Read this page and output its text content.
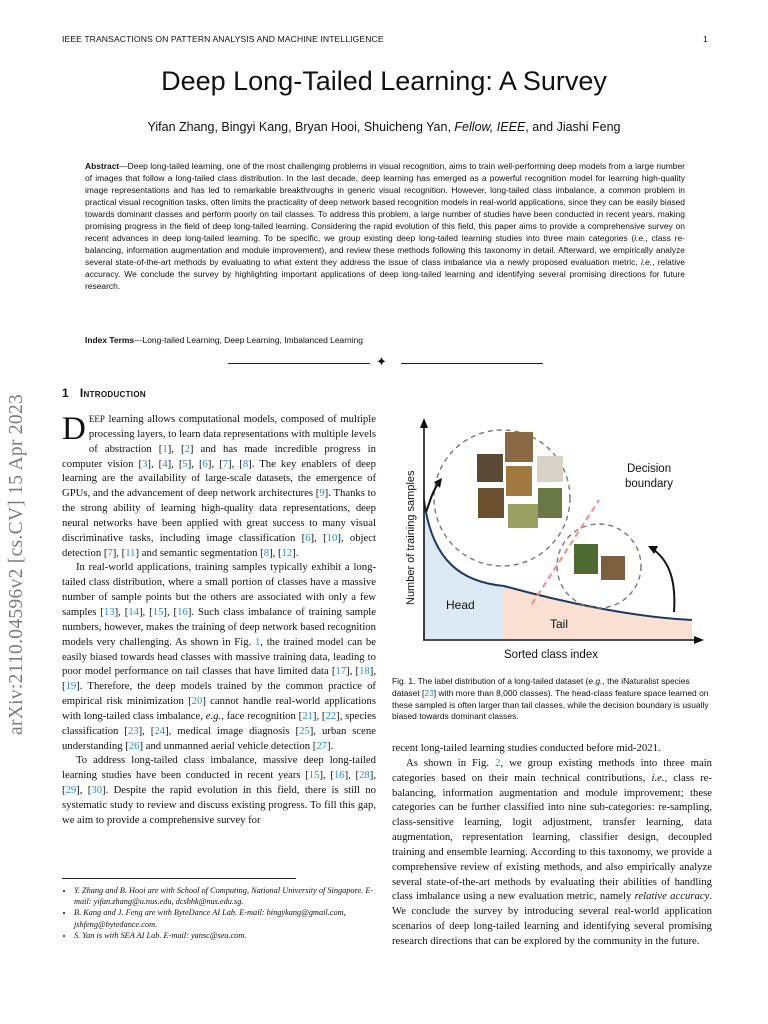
IEEE TRANSACTIONS ON PATTERN ANALYSIS AND MACHINE INTELLIGENCE	1
Deep Long-Tailed Learning: A Survey
Yifan Zhang, Bingyi Kang, Bryan Hooi, Shuicheng Yan, Fellow, IEEE, and Jiashi Feng
Abstract—Deep long-tailed learning, one of the most challenging problems in visual recognition, aims to train well-performing deep models from a large number of images that follow a long-tailed class distribution. In the last decade, deep learning has emerged as a powerful recognition model for learning high-quality image representations and has led to remarkable breakthroughs in generic visual recognition. However, long-tailed class imbalance, a common problem in practical visual recognition tasks, often limits the practicality of deep network based recognition models in real-world applications, since they can be easily biased towards dominant classes and perform poorly on tail classes. To address this problem, a large number of studies have been conducted in recent years, making promising progress in the field of deep long-tailed learning. Considering the rapid evolution of this field, this paper aims to provide a comprehensive survey on recent advances in deep long-tailed learning. To be specific, we group existing deep long-tailed learning studies into three main categories (i.e., class re-balancing, information augmentation and module improvement), and review these methods following this taxonomy in detail. Afterward, we empirically analyze several state-of-the-art methods by evaluating to what extent they address the issue of class imbalance via a newly proposed evaluation metric, i.e., relative accuracy. We conclude the survey by highlighting important applications of deep long-tailed learning and identifying several promising directions for future research.
Index Terms—Long-tailed Learning, Deep Learning, Imbalanced Learning
✦
1 Introduction

DEEP learning allows computational models, composed of multiple processing layers, to learn data representations with multiple levels of abstraction [1], [2] and has made incredible progress in computer vision [3], [4], [5], [6], [7], [8]. The key enablers of deep learning are the availability of large-scale datasets, the emergence of GPUs, and the advancement of deep network architectures [9]. Thanks to the strong ability of learning high-quality data representations, deep neural networks have been applied with great success to many visual discriminative tasks, including image classification [6], [10], object detection [7], [11] and semantic segmentation [8], [12].

In real-world applications, training samples typically exhibit a long-tailed class distribution, where a small portion of classes have a massive number of sample points but the others are associated with only a few samples [13], [14], [15], [16]. Such class imbalance of training sample numbers, however, makes the training of deep network based recognition models very challenging. As shown in Fig. 1, the trained model can be easily biased towards head classes with massive training data, leading to poor model performance on tail classes that have limited data [17], [18], [19]. Therefore, the deep models trained by the common practice of empirical risk minimization [20] cannot handle real-world applications with long-tailed class imbalance, e.g., face recognition [21], [22], species classification [23], [24], medical image diagnosis [25], urban scene understanding [26] and unmanned aerial vehicle detection [27].

To address long-tailed class imbalance, massive deep long-tailed learning studies have been conducted in recent years [15], [16], [28], [29], [30]. Despite the rapid evolution in this field, there is still no systematic study to review and discuss existing progress. To fill this gap, we aim to provide a comprehensive survey for

• Y. Zhang and B. Hooi are with School of Computing, National University of Singapore. E-mail: yifan.zhang@u.nus.edu, dcsbhk@nus.edu.sg.
• B. Kang and J. Feng are with ByteDance AI Lab. E-mail: bingykang@gmail.com, jshfeng@bytedance.com.
• S. Yan is with SEA AI Lab. E-mail: yansc@sea.com.
Number of training samples
Sorted class index
Head
Tail
Decision
boundary
Fig. 1. The label distribution of a long-tailed dataset (e.g., the iNaturalist species dataset [23] with more than 8,000 classes). The head-class feature space learned on these sampled is often larger than tail classes, while the decision boundary is usually biased towards dominant classes.

recent long-tailed learning studies conducted before mid-2021.

As shown in Fig. 2, we group existing methods into three main categories based on their main technical contributions, i.e., class re-balancing, information augmentation and module improvement; these categories can be further classified into nine sub-categories: re-sampling, class-sensitive learning, logit adjustment, transfer learning, data augmentation, representation learning, classifier design, decoupled training and ensemble learning. According to this taxonomy, we provide a comprehensive review of existing methods, and also empirically analyze several state-of-the-art methods by evaluating their abilities of handling class imbalance using a new evaluation metric, namely relative accuracy. We conclude the survey by introducing several real-world application scenarios of deep long-tailed learning and identifying several promising research directions that can be explored by the community in the future.

arXiv:2110.04596v2 [cs.CV] 15 Apr 2023
